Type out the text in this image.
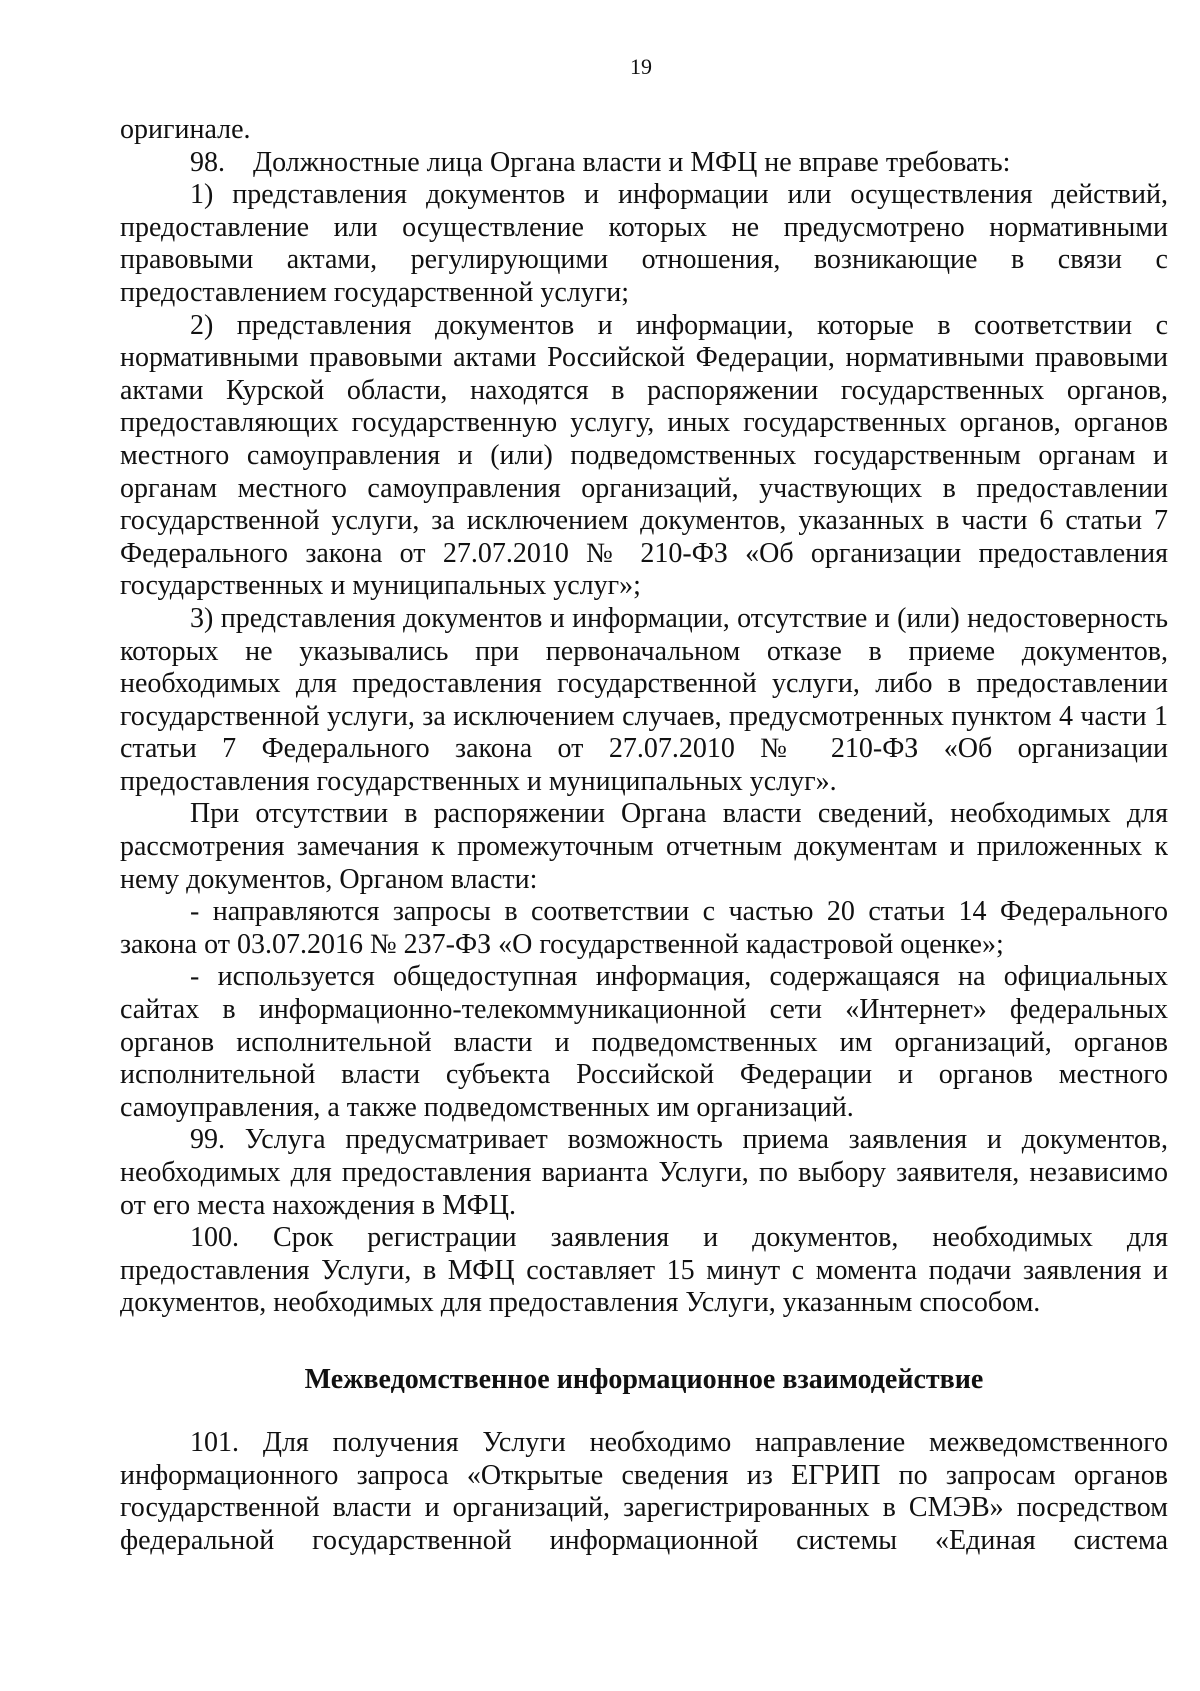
19

оригинале.

98. Должностные лица Органа власти и МФЦ не вправе требовать:

1) представления документов и информации или осуществления действий, предоставление или осуществление которых не предусмотрено нормативными правовыми актами, регулирующими отношения, возникающие в связи с предоставлением государственной услуги;

2) представления документов и информации, которые в соответствии с нормативными правовыми актами Российской Федерации, нормативными правовыми актами Курской области, находятся в распоряжении государственных органов, предоставляющих государственную услугу, иных государственных органов, органов местного самоуправления и (или) подведомственных государственным органам и органам местного самоуправления организаций, участвующих в предоставлении государственной услуги, за исключением документов, указанных в части 6 статьи 7 Федерального закона от 27.07.2010 № 210-ФЗ «Об организации предоставления государственных и муниципальных услуг»;

3) представления документов и информации, отсутствие и (или) недостоверность которых не указывались при первоначальном отказе в приеме документов, необходимых для предоставления государственной услуги, либо в предоставлении государственной услуги, за исключением случаев, предусмотренных пунктом 4 части 1 статьи 7 Федерального закона от 27.07.2010 № 210-ФЗ «Об организации предоставления государственных и муниципальных услуг».

При отсутствии в распоряжении Органа власти сведений, необходимых для рассмотрения замечания к промежуточным отчетным документам и приложенных к нему документов, Органом власти:

- направляются запросы в соответствии с частью 20 статьи 14 Федерального закона от 03.07.2016 № 237-ФЗ «О государственной кадастровой оценке»;

- используется общедоступная информация, содержащаяся на официальных сайтах в информационно-телекоммуникационной сети «Интернет» федеральных органов исполнительной власти и подведомственных им организаций, органов исполнительной власти субъекта Российской Федерации и органов местного самоуправления, а также подведомственных им организаций.

99. Услуга предусматривает возможность приема заявления и документов, необходимых для предоставления варианта Услуги, по выбору заявителя, независимо от его места нахождения в МФЦ.

100. Срок регистрации заявления и документов, необходимых для предоставления Услуги, в МФЦ составляет 15 минут с момента подачи заявления и документов, необходимых для предоставления Услуги, указанным способом.

Межведомственное информационное взаимодействие

101. Для получения Услуги необходимо направление межведомственного информационного запроса «Открытые сведения из ЕГРИП по запросам органов государственной власти и организаций, зарегистрированных в СМЭВ» посредством федеральной государственной информационной системы «Единая система
